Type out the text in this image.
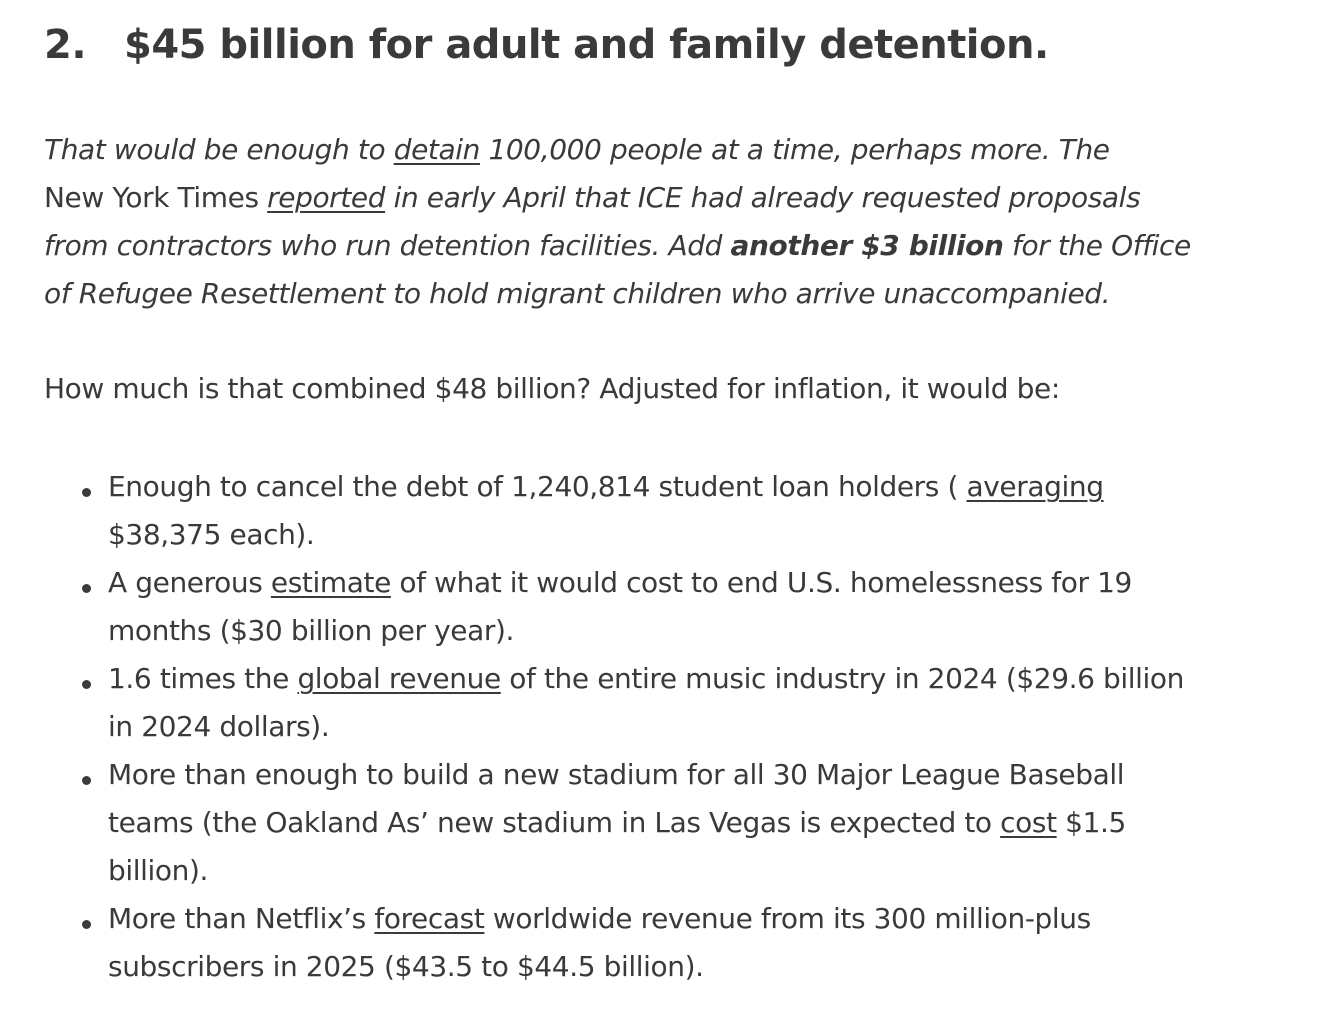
2. $45 billion for adult and family detention.
That would be enough to detain 100,000 people at a time, perhaps more. The
New York Times reported in early April that ICE had already requested proposals
from contractors who run detention facilities. Add another $3 billion for the Office
of Refugee Resettlement to hold migrant children who arrive unaccompanied.
How much is that combined $48 billion? Adjusted for inflation, it would be:
Enough to cancel the debt of 1,240,814 student loan holders ( averaging
$38,375 each).
A generous estimate of what it would cost to end U.S. homelessness for 19
months ($30 billion per year).
1.6 times the global revenue of the entire music industry in 2024 ($29.6 billion
in 2024 dollars).
More than enough to build a new stadium for all 30 Major League Baseball
teams (the Oakland As’ new stadium in Las Vegas is expected to cost $1.5
billion).
More than Netflix’s forecast worldwide revenue from its 300 million-plus
subscribers in 2025 ($43.5 to $44.5 billion).
